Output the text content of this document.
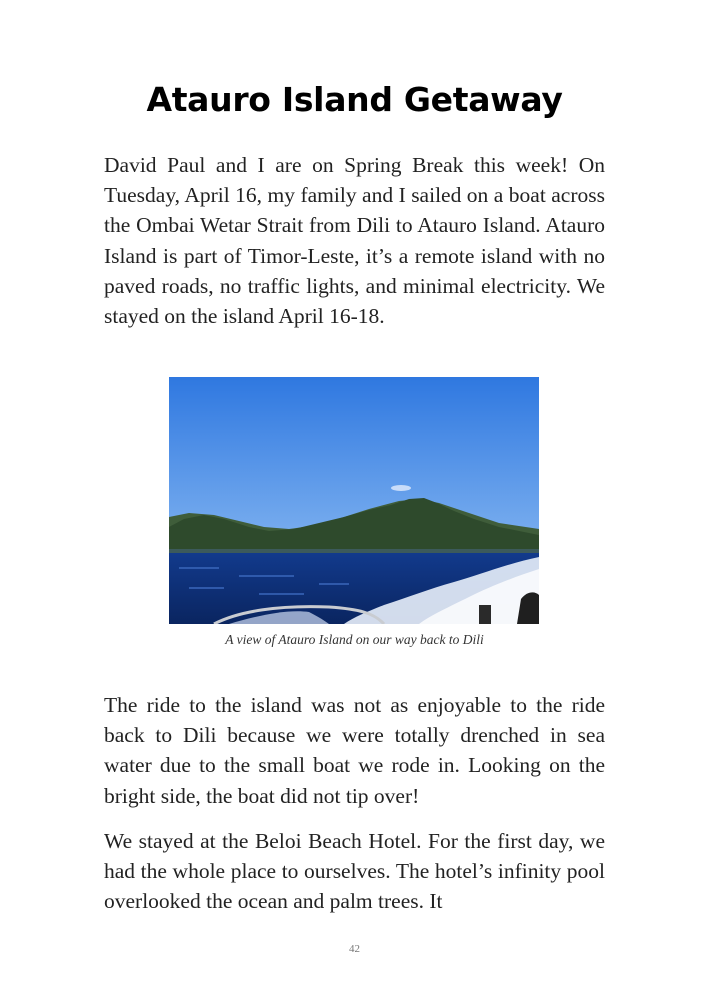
Atauro Island Getaway

David Paul and I are on Spring Break this week! On Tuesday, April 16, my family and I sailed on a boat across the Ombai Wetar Strait from Dili to Atauro Island. Atauro Island is part of Timor-Leste, it’s a remote island with no paved roads, no traffic lights, and minimal electricity. We stayed on the island April 16-18.

A view of Atauro Island on our way back to Dili

The ride to the island was not as enjoyable to the ride back to Dili because we were totally drenched in sea water due to the small boat we rode in. Looking on the bright side, the boat did not tip over!

We stayed at the Beloi Beach Hotel. For the first day, we had the whole place to ourselves. The hotel’s infinity pool overlooked the ocean and palm trees. It

42
